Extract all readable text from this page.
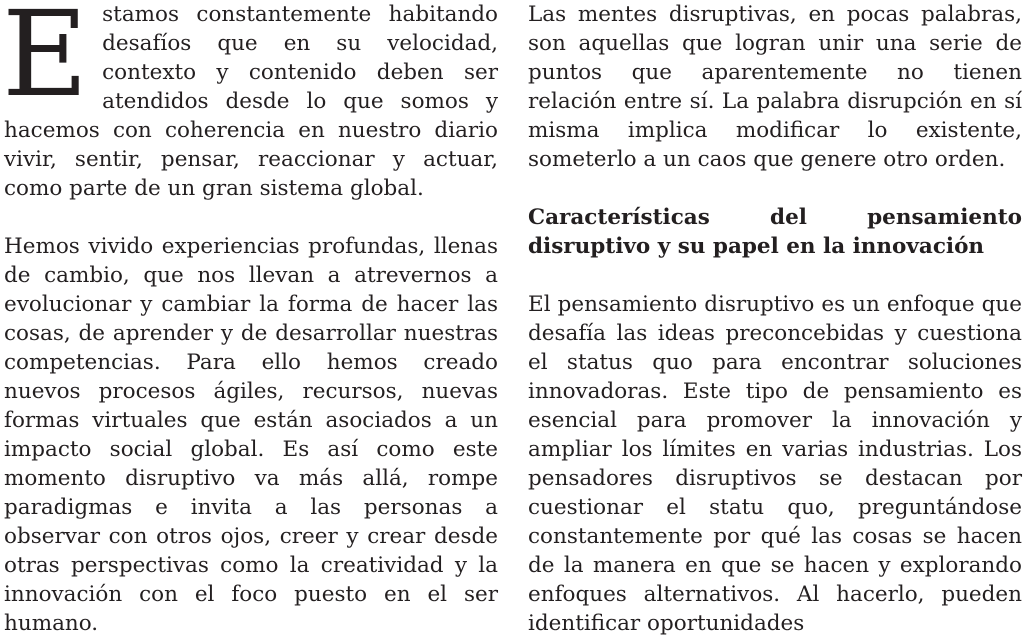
Estamos constantemente habitando desafíos que en su velocidad, contexto y contenido deben ser atendidos desde lo que somos y hacemos con coherencia en nuestro diario vivir, sentir, pensar, reaccionar y actuar, como parte de un gran sistema global.

Hemos vivido experiencias profundas, llenas de cambio, que nos llevan a atrevernos a evolucionar y cambiar la forma de hacer las cosas, de aprender y de desarrollar nuestras competencias. Para ello hemos creado nuevos procesos ágiles, recursos, nuevas formas virtuales que están asociados a un impacto social global. Es así como este momento disruptivo va más allá, rompe paradigmas e invita a las personas a observar con otros ojos, creer y crear desde otras perspectivas como la creatividad y la innovación con el foco puesto en el ser humano.

Las mentes disruptivas, en pocas palabras, son aquellas que logran unir una serie de puntos que aparentemente no tienen relación entre sí. La palabra disrupción en sí misma implica modificar lo existente, someterlo a un caos que genere otro orden.

Características del pensamiento disruptivo y su papel en la innovación

El pensamiento disruptivo es un enfoque que desafía las ideas preconcebidas y cuestiona el status quo para encontrar soluciones innovadoras. Este tipo de pensamiento es esencial para promover la innovación y ampliar los límites en varias industrias. Los pensadores disruptivos se destacan por cuestionar el statu quo, preguntándose constantemente por qué las cosas se hacen de la manera en que se hacen y explorando enfoques alternativos. Al hacerlo, pueden identificar oportunidades
